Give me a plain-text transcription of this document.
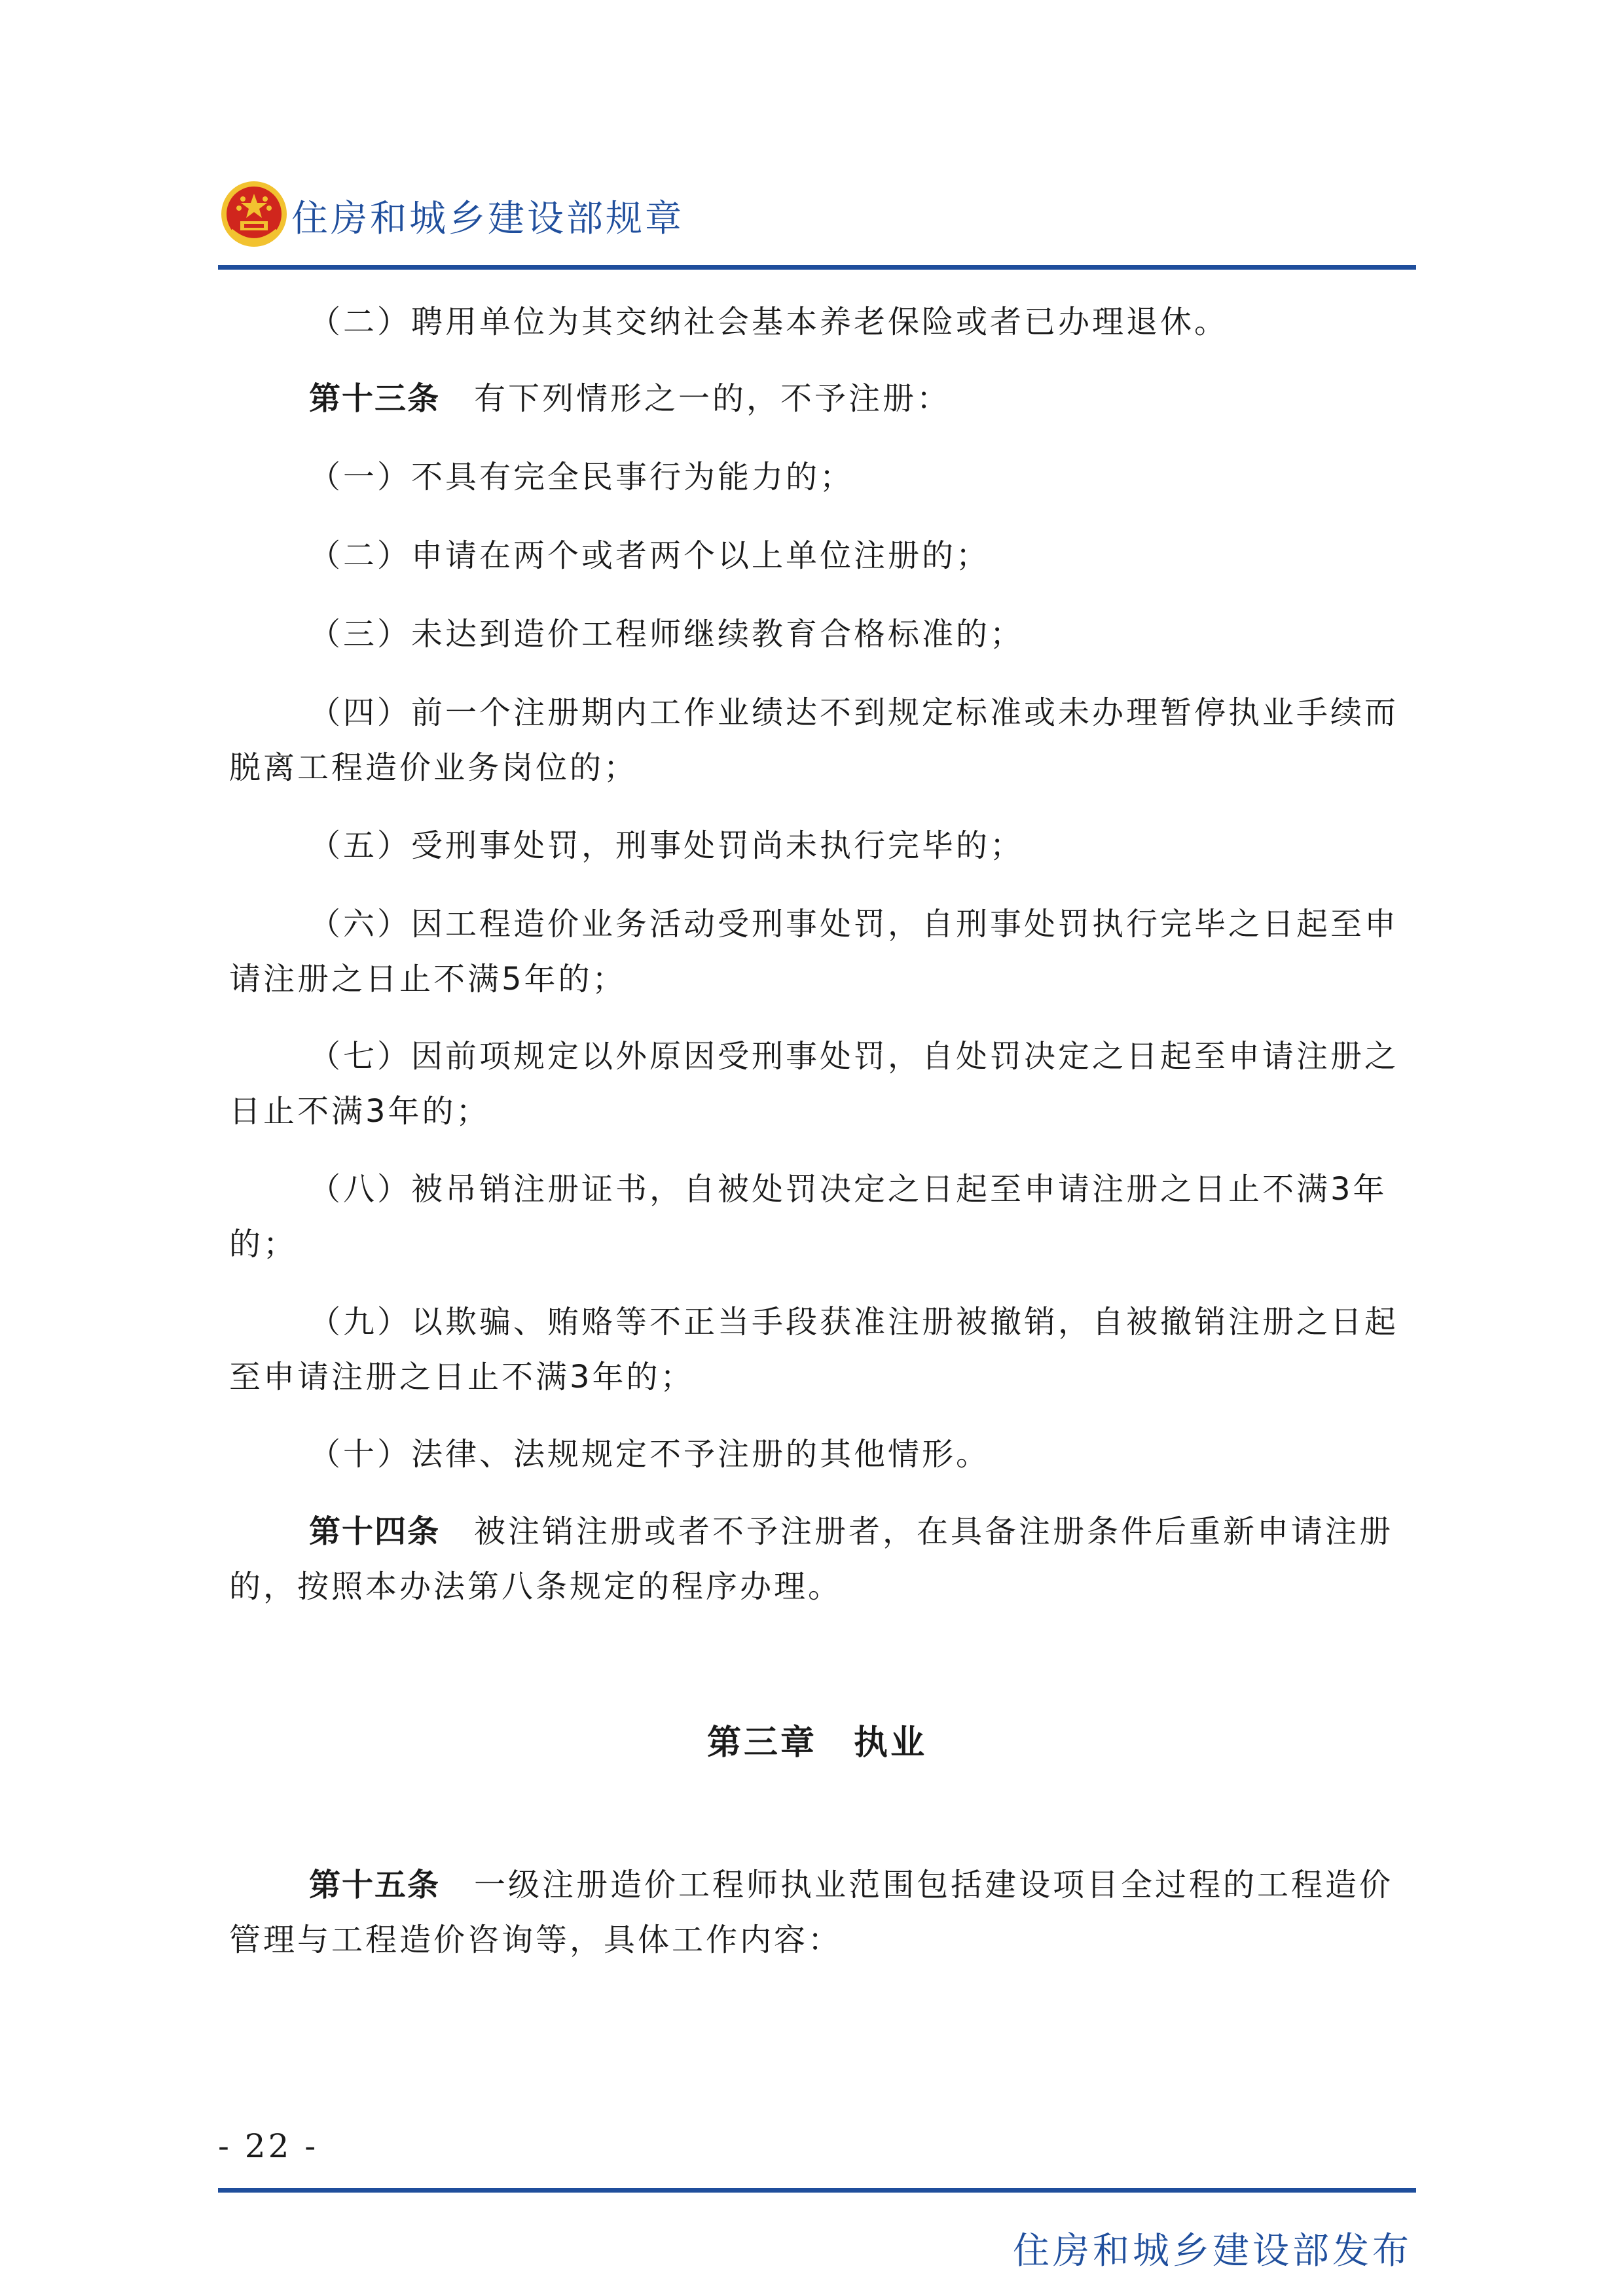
住房和城乡建设部规章

（二）聘用单位为其交纳社会基本养老保险或者已办理退休。

第十三条　 有下列情形之一的，不予注册：

（一）不具有完全民事行为能力的；

（二）申请在两个或者两个以上单位注册的；

（三）未达到造价工程师继续教育合格标准的；

（四）前一个注册期内工作业绩达不到规定标准或未办理暂停执业手续而脱离工程造价业务岗位的；

（五）受刑事处罚，刑事处罚尚未执行完毕的；

（六）因工程造价业务活动受刑事处罚，自刑事处罚执行完毕之日起至申请注册之日止不满5年的；

（七）因前项规定以外原因受刑事处罚，自处罚决定之日起至申请注册之日止不满3年的；

（八）被吊销注册证书，自被处罚决定之日起至申请注册之日止不满3年的；

（九）以欺骗、贿赂等不正当手段获准注册被撤销，自被撤销注册之日起至申请注册之日止不满3年的；

（十）法律、法规规定不予注册的其他情形。

第十四条　 被注销注册或者不予注册者，在具备注册条件后重新申请注册的，按照本办法第八条规定的程序办理。

第三章　执业

第十五条　 一级注册造价工程师执业范围包括建设项目全过程的工程造价管理与工程造价咨询等，具体工作内容：

- 22 -
住房和城乡建设部发布
